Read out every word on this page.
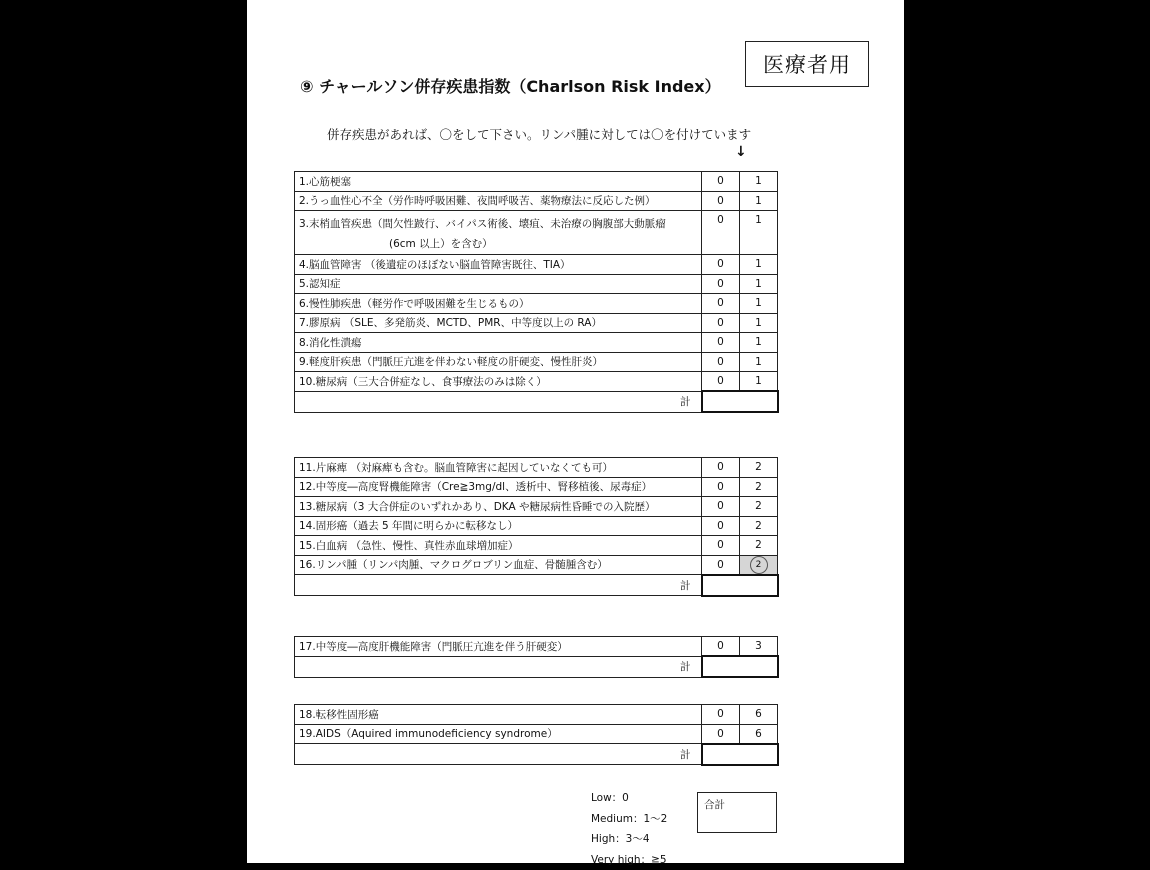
医療者用
⑨ チャールソン併存疾患指数（Charlson Risk Index）
併存疾患があれば、〇をして下さい。リンパ腫に対しては〇を付けています
↓
1.心筋梗塞	0	1
2.うっ血性心不全（労作時呼吸困難、夜間呼吸苦、薬物療法に反応した例）	0	1
3.末梢血管疾患（間欠性跛行、バイパス術後、壊疽、未治療の胸腹部大動脈瘤
(6cm 以上）を含む）	0	1
4.脳血管障害 （後遺症のほぼない脳血管障害既往、TIA）	0	1
5.認知症	0	1
6.慢性肺疾患（軽労作で呼吸困難を生じるもの）	0	1
7.膠原病 （SLE、多発筋炎、MCTD、PMR、中等度以上の RA）	0	1
8.消化性潰瘍	0	1
9.軽度肝疾患（門脈圧亢進を伴わない軽度の肝硬変、慢性肝炎）	0	1
10.糖尿病（三大合併症なし、食事療法のみは除く）	0	1
計		
11.片麻痺 （対麻痺も含む。脳血管障害に起因していなくても可）	0	2
12.中等度―高度腎機能障害（Cre≧3mg/dl、透析中、腎移植後、尿毒症）	0	2
13.糖尿病（3 大合併症のいずれかあり、DKA や糖尿病性昏睡での入院歴）	0	2
14.固形癌（過去 5 年間に明らかに転移なし）	0	2
15.白血病 （急性、慢性、真性赤血球増加症）	0	2
16.リンパ腫（リンパ肉腫、マクログロブリン血症、骨髄腫含む）	0	2
計		
17.中等度―高度肝機能障害（門脈圧亢進を伴う肝硬変）	0	3
計		
18.転移性固形癌	0	6
19.AIDS（Aquired immunodeficiency syndrome）	0	6
計		
Low：0
Medium：1～2
High：3～4
Very high：≧5
合計
